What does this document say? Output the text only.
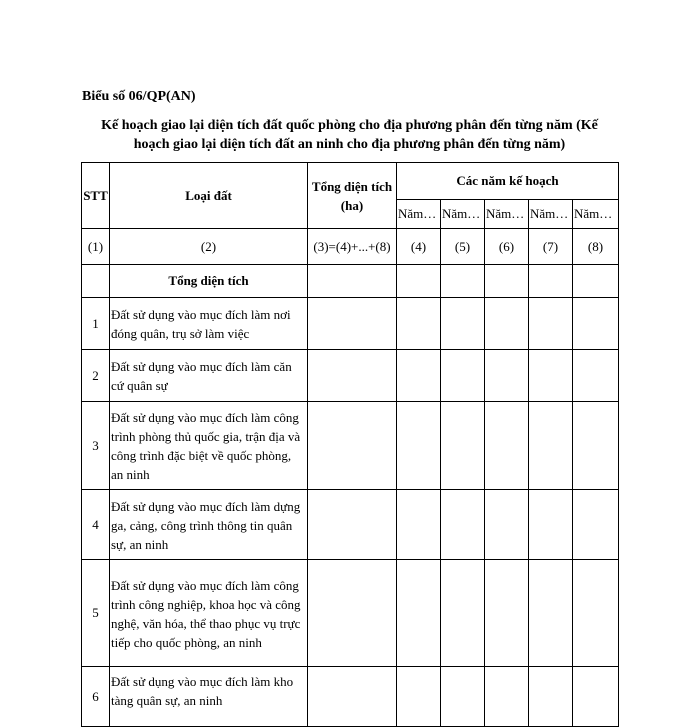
Biểu số 06/QP(AN)
Kế hoạch giao lại diện tích đất quốc phòng cho địa phương phân đến từng năm (Kế hoạch giao lại diện tích đất an ninh cho địa phương phân đến từng năm)
STT	Loại đất	Tổng diện tích (ha)	Các năm kế hoạch				
			Năm…	Năm…	Năm…	Năm…	Năm…
(1)	(2)	(3)=(4)+...+(8)	(4)	(5)	(6)	(7)	(8)
	Tổng diện tích						
1	Đất sử dụng vào mục đích làm nơi đóng quân, trụ sở làm việc						
2	Đất sử dụng vào mục đích làm căn cứ quân sự						
3	Đất sử dụng vào mục đích làm công trình phòng thủ quốc gia, trận địa và công trình đặc biệt về quốc phòng, an ninh						
4	Đất sử dụng vào mục đích làm dựng ga, cảng, công trình thông tin quân sự, an ninh						
5	Đất sử dụng vào mục đích làm công trình công nghiệp, khoa học và công nghệ, văn hóa, thể thao phục vụ trực tiếp cho quốc phòng, an ninh						
6	Đất sử dụng vào mục đích làm kho tàng quân sự, an ninh						
